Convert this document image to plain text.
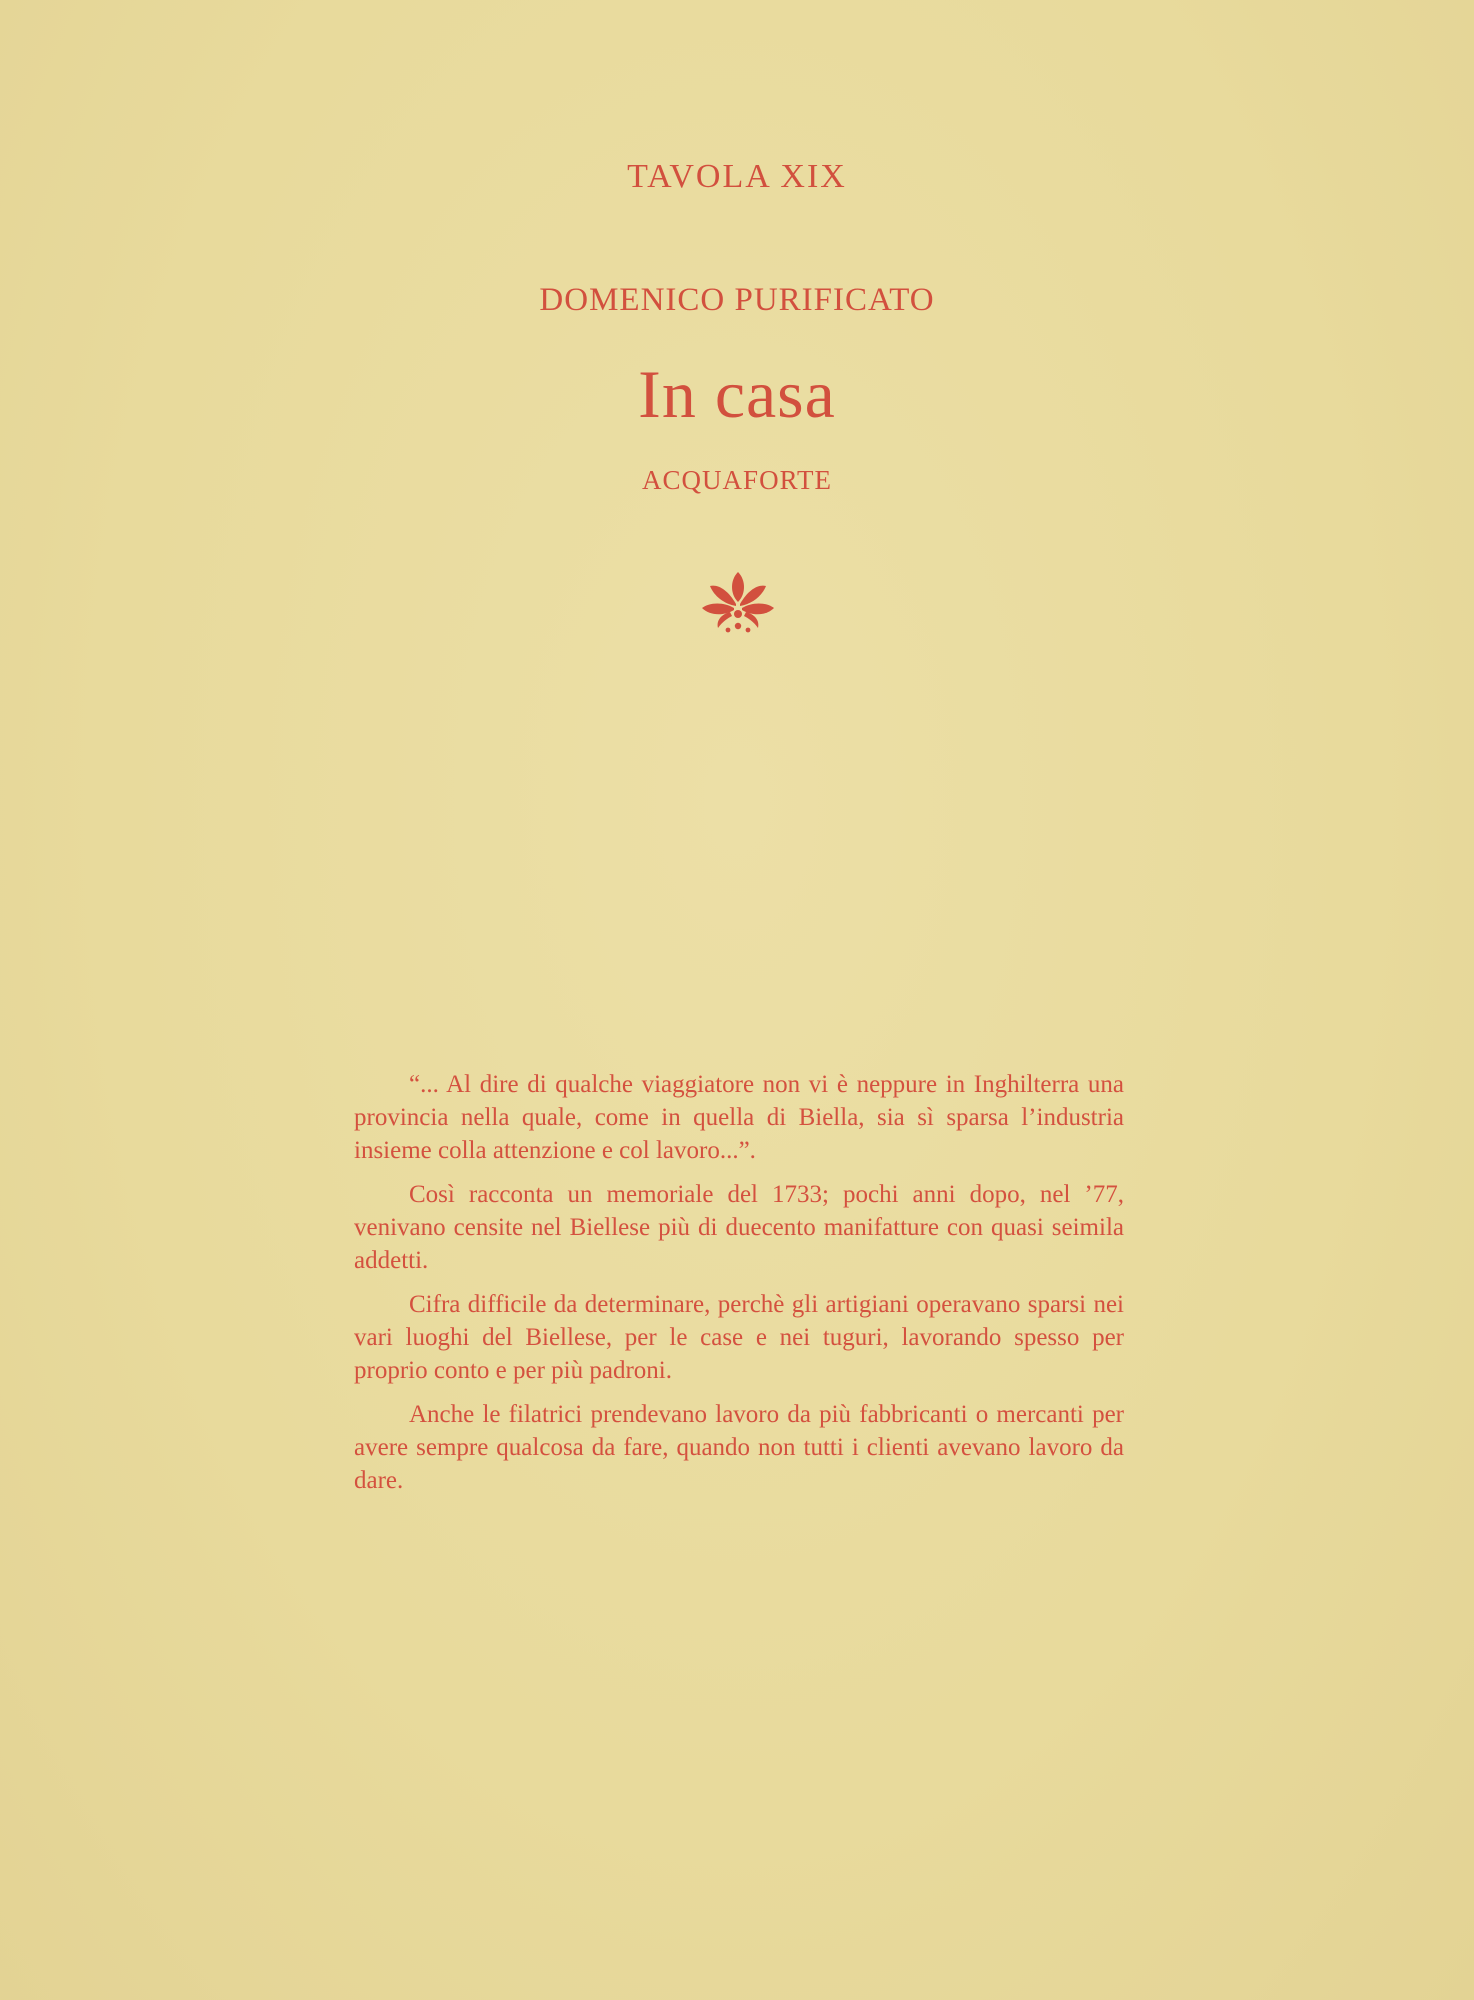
TAVOLA XIX
DOMENICO PURIFICATO
In casa
ACQUAFORTE

“... Al dire di qualche viaggiatore non vi è neppure in Inghilterra una provincia nella quale, come in quella di Biella, sia sì sparsa l’industria insieme colla attenzione e col lavoro...”.

Così racconta un memoriale del 1733; pochi anni dopo, nel ’77, venivano censite nel Biellese più di duecento manifatture con quasi seimila addetti.

Cifra difficile da determinare, perchè gli artigiani operavano sparsi nei vari luoghi del Biellese, per le case e nei tuguri, lavorando spesso per proprio conto e per più padroni.

Anche le filatrici prendevano lavoro da più fabbricanti o mercanti per avere sempre qualcosa da fare, quando non tutti i clienti avevano lavoro da dare.
